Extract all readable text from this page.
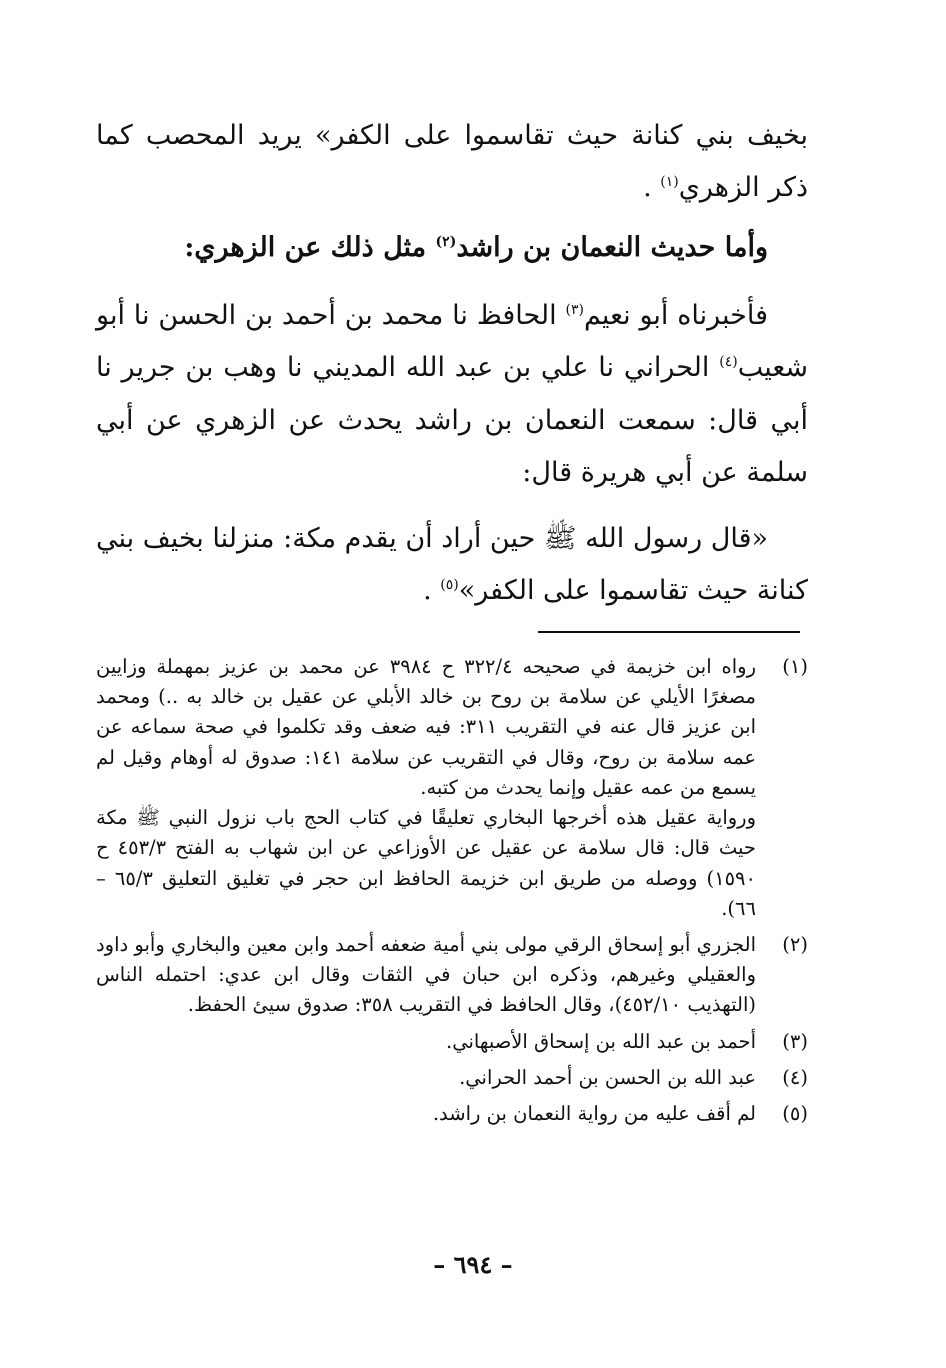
بخيف بني كنانة حيث تقاسموا على الكفر» يريد المحصب كما ذكر الزهري$^{(١)}$ .

وأما حديث النعمان بن راشد$^{(٢)}$ مثل ذلك عن الزهري:

فأخبرناه أبو نعيم$^{(٣)}$ الحافظ نا محمد بن أحمد بن الحسن نا أبو شعيب$^{(٤)}$ الحراني نا علي بن عبد الله المديني نا وهب بن جرير نا أبي قال: سمعت النعمان بن راشد يحدث عن الزهري عن أبي سلمة عن أبي هريرة قال:

«قال رسول الله ﷺ حين أراد أن يقدم مكة: منزلنا بخيف بني كنانة حيث تقاسموا على الكفر»$^{(٥)}$ .

(١)

رواه ابن خزيمة في صحيحه ٣٢٢/٤ ح ٣٩٨٤ عن محمد بن عزيز بمهملة وزايين مصغرًا الأيلي عن سلامة بن روح بن خالد الأبلي عن عقيل بن خالد به ..) ومحمد ابن عزيز قال عنه في التقريب ٣١١: فيه ضعف وقد تكلموا في صحة سماعه عن عمه سلامة بن روح، وقال في التقريب عن سلامة ١٤١: صدوق له أوهام وقيل لم يسمع من عمه عقيل وإنما يحدث من كتبه.

ورواية عقيل هذه أخرجها البخاري تعليقًا في كتاب الحج باب نزول النبي ﷺ مكة حيث قال: قال سلامة عن عقيل عن الأوزاعي عن ابن شهاب به الفتح ٤٥٣/٣ ح ١٥٩٠) ووصله من طريق ابن خزيمة الحافظ ابن حجر في تغليق التعليق ٦٥/٣ – ٦٦).

(٢)

الجزري أبو إسحاق الرقي مولى بني أمية ضعفه أحمد وابن معين والبخاري وأبو داود والعقيلي وغيرهم، وذكره ابن حبان في الثقات وقال ابن عدي: احتمله الناس (التهذيب ٤٥٢/١٠)، وقال الحافظ في التقريب ٣٥٨: صدوق سيئ الحفظ.

(٣)

أحمد بن عبد الله بن إسحاق الأصبهاني.

(٤)

عبد الله بن الحسن بن أحمد الحراني.

(٥)

لم أقف عليه من رواية النعمان بن راشد.

– ٦٩٤ –
